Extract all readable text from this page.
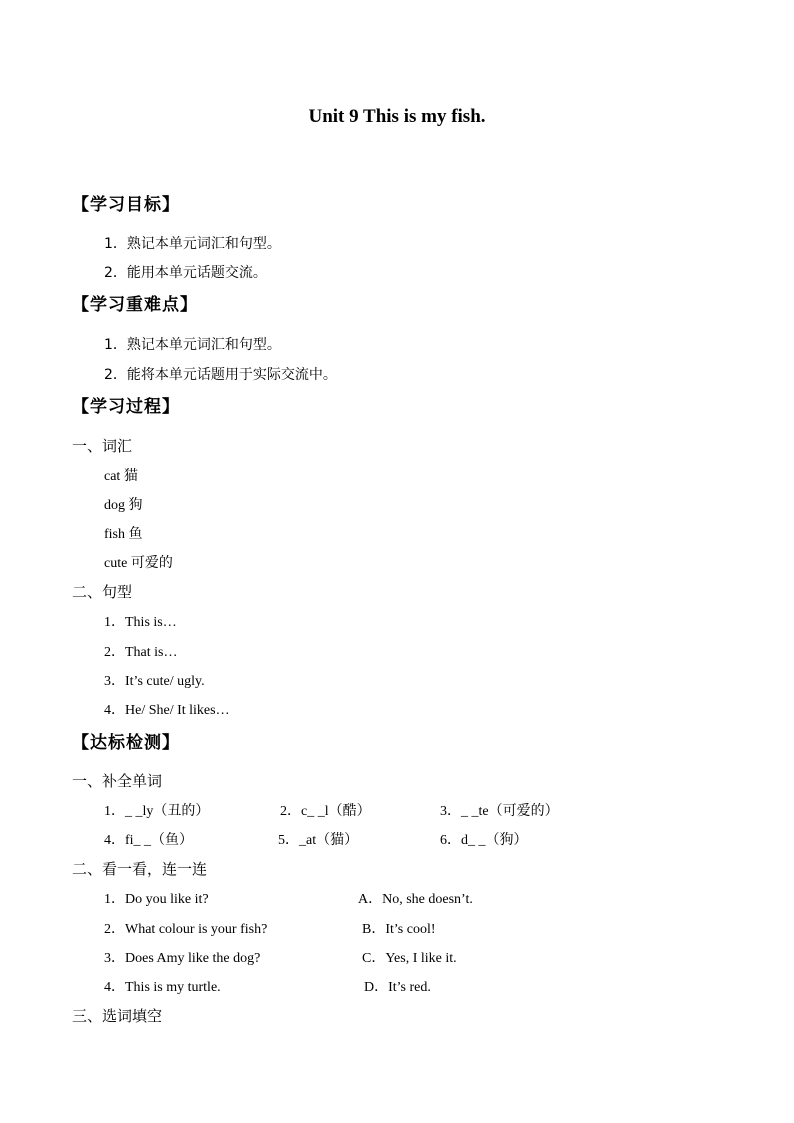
Unit 9 This is my fish.
【学习目标】
1．熟记本单元词汇和句型。
2．能用本单元话题交流。
【学习重难点】
1．熟记本单元词汇和句型。
2．能将本单元话题用于实际交流中。
【学习过程】
一、词汇
cat 猫
dog 狗
fish 鱼
cute 可爱的
二、句型
1．This is…
2．That is…
3．It’s cute/ ugly.
4．He/ She/ It likes…
【达标检测】
一、补全单词
1．_ _ly（丑的）	2．c_ _l（酷）	3．_ _te（可爱的）
4．fi_ _（鱼）	5．_at（猫）	6．d_ _（狗）
二、看一看，连一连
1．Do you like it?	A．No, she doesn’t.
2．What colour is your fish?	B．It’s cool!
3．Does Amy like the dog?	C．Yes, I like it.
4．This is my turtle.	D．It’s red.
三、选词填空
